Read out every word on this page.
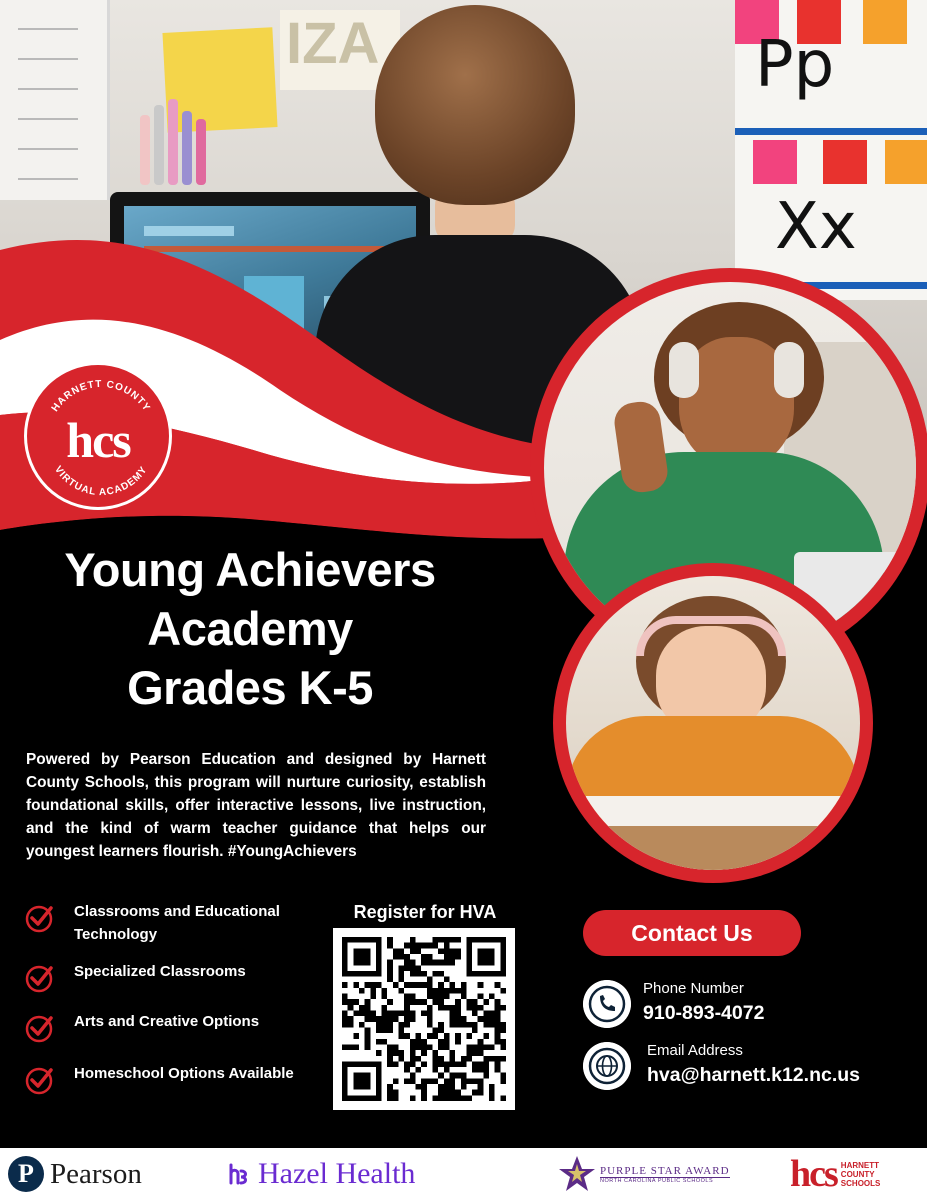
IZA	Pp
Xx
HARNETT COUNTY
VIRTUAL ACADEMY
hcs
Young Achievers
Academy
Grades K-5
Powered by Pearson Education and designed by Harnett County Schools, this program will nurture curiosity, establish foundational skills, offer interactive lessons, live instruction, and the kind of warm teacher guidance that helps our youngest learners flourish. #YoungAchievers
Classrooms and Educational Technology
Specialized Classrooms
Arts and Creative Options
Homeschool Options Available
Register for HVA
Contact Us
Phone Number
910-893-4072
Email Address
hva@harnett.k12.nc.us
P Pearson	Hazel Health	PURPLE STAR AWARD
NORTH CAROLINA PUBLIC SCHOOLS	hcs HARNETT
COUNTY
SCHOOLS
